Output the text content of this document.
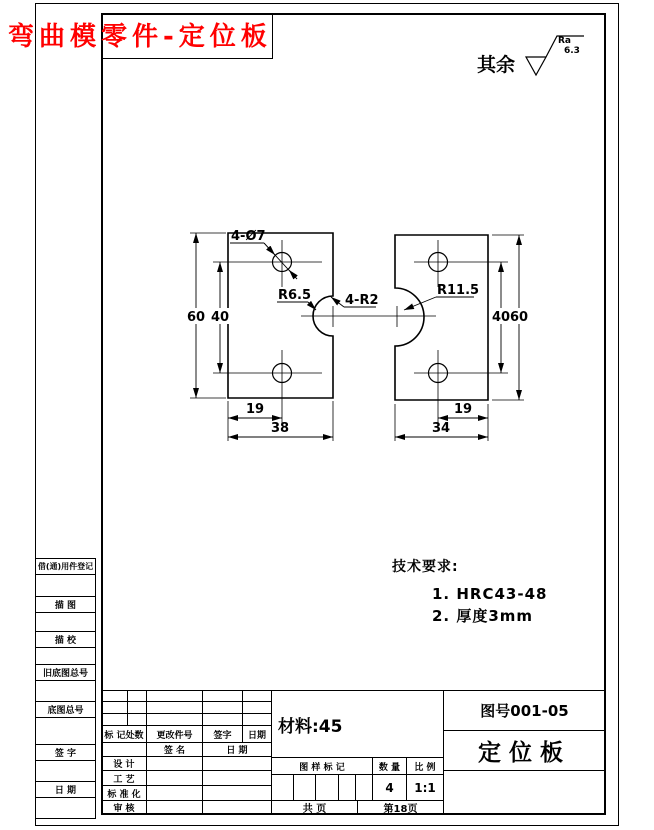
弯曲模零件-定位板
其余
Ra
6.3
60 40
19
38
40 60
19
34
4-Ø7
R6.5	4-R2
R11.5
技术要求:
1. HRC43-48
2. 厚度3mm
借(通)用件登记
描 图
描 校
旧底图总号
底图总号
签 字
日 期
标 记处数	更改件号	签字	日期
签 名	日 期
设 计
工 艺
标 准 化
审 核
材料:45
图 样 标 记	数 量	比 例
4	1:1
共 页	第18页
图号001-05
定位板
